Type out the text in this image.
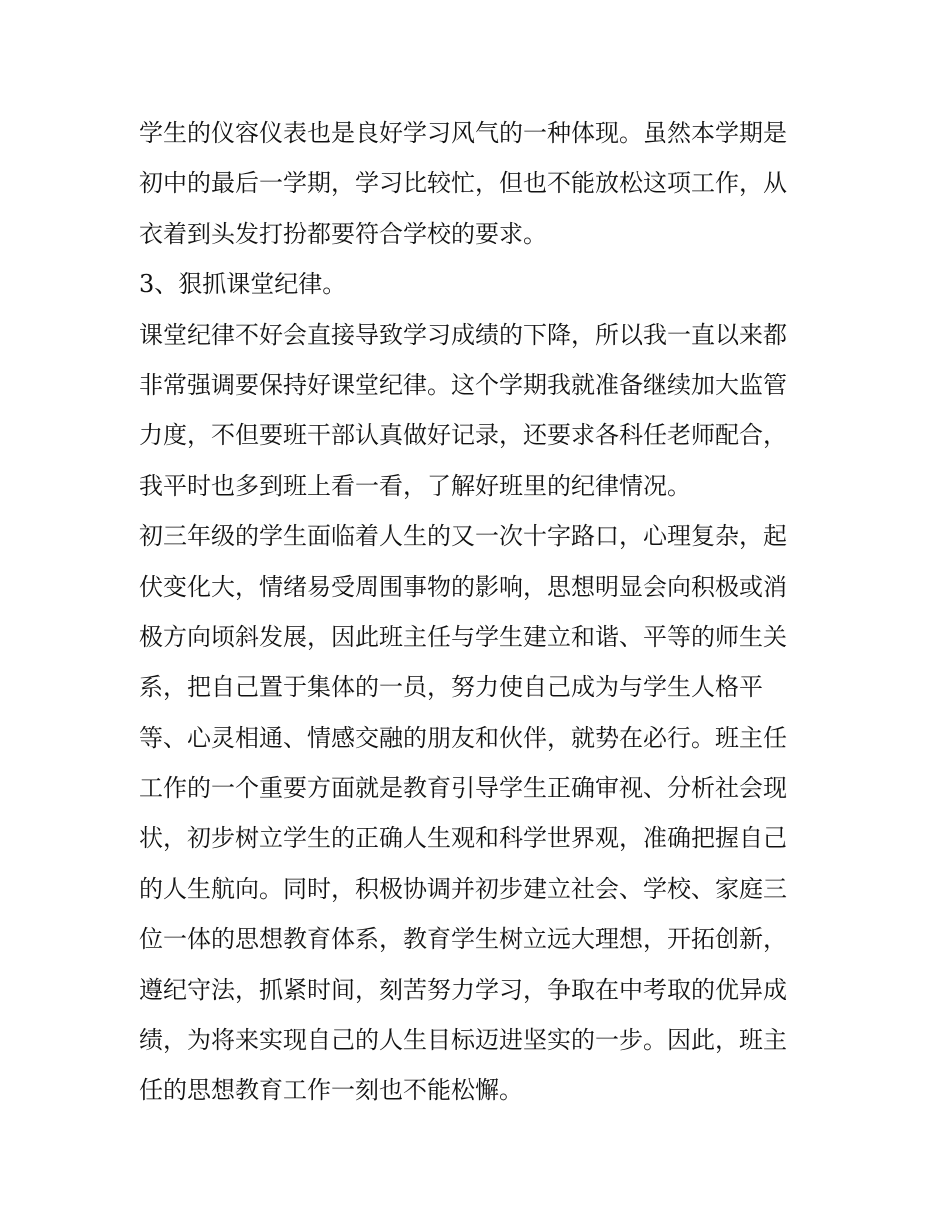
学生的仪容仪表也是良好学习风气的一种体现。虽然本学期是
初中的最后一学期，学习比较忙，但也不能放松这项工作，从
衣着到头发打扮都要符合学校的要求。
3、狠抓课堂纪律。
课堂纪律不好会直接导致学习成绩的下降，所以我一直以来都
非常强调要保持好课堂纪律。这个学期我就准备继续加大监管
力度，不但要班干部认真做好记录，还要求各科任老师配合，
我平时也多到班上看一看，了解好班里的纪律情况。
初三年级的学生面临着人生的又一次十字路口，心理复杂，起
伏变化大，情绪易受周围事物的影响，思想明显会向积极或消
极方向顷斜发展，因此班主任与学生建立和谐、平等的师生关
系，把自己置于集体的一员，努力使自己成为与学生人格平
等、心灵相通、情感交融的朋友和伙伴，就势在必行。班主任
工作的一个重要方面就是教育引导学生正确审视、分析社会现
状，初步树立学生的正确人生观和科学世界观，准确把握自己
的人生航向。同时，积极协调并初步建立社会、学校、家庭三
位一体的思想教育体系，教育学生树立远大理想，开拓创新，
遵纪守法，抓紧时间，刻苦努力学习，争取在中考取的优异成
绩，为将来实现自己的人生目标迈进坚实的一步。因此，班主
任的思想教育工作一刻也不能松懈。
